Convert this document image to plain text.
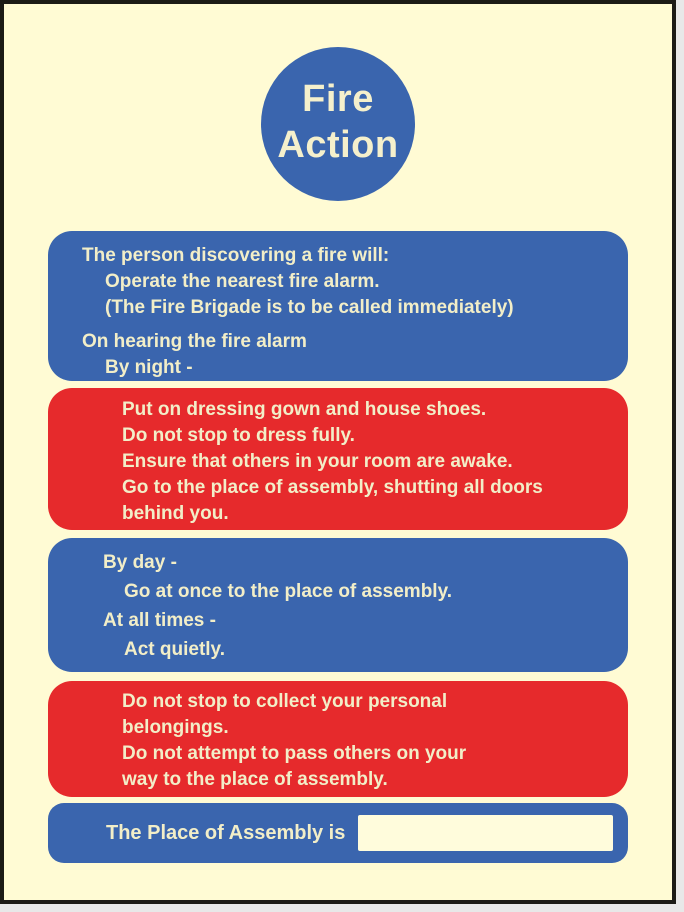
Fire
Action
The person discovering a fire will:
Operate the nearest fire alarm.
(The Fire Brigade is to be called immediately)
On hearing the fire alarm
By night -
Put on dressing gown and house shoes.
Do not stop to dress fully.
Ensure that others in your room are awake.
Go to the place of assembly, shutting all doors
behind you.
By day -
Go at once to the place of assembly.
At all times -
Act quietly.
Do not stop to collect your personal
belongings.
Do not attempt to pass others on your
way to the place of assembly.
The Place of Assembly is
